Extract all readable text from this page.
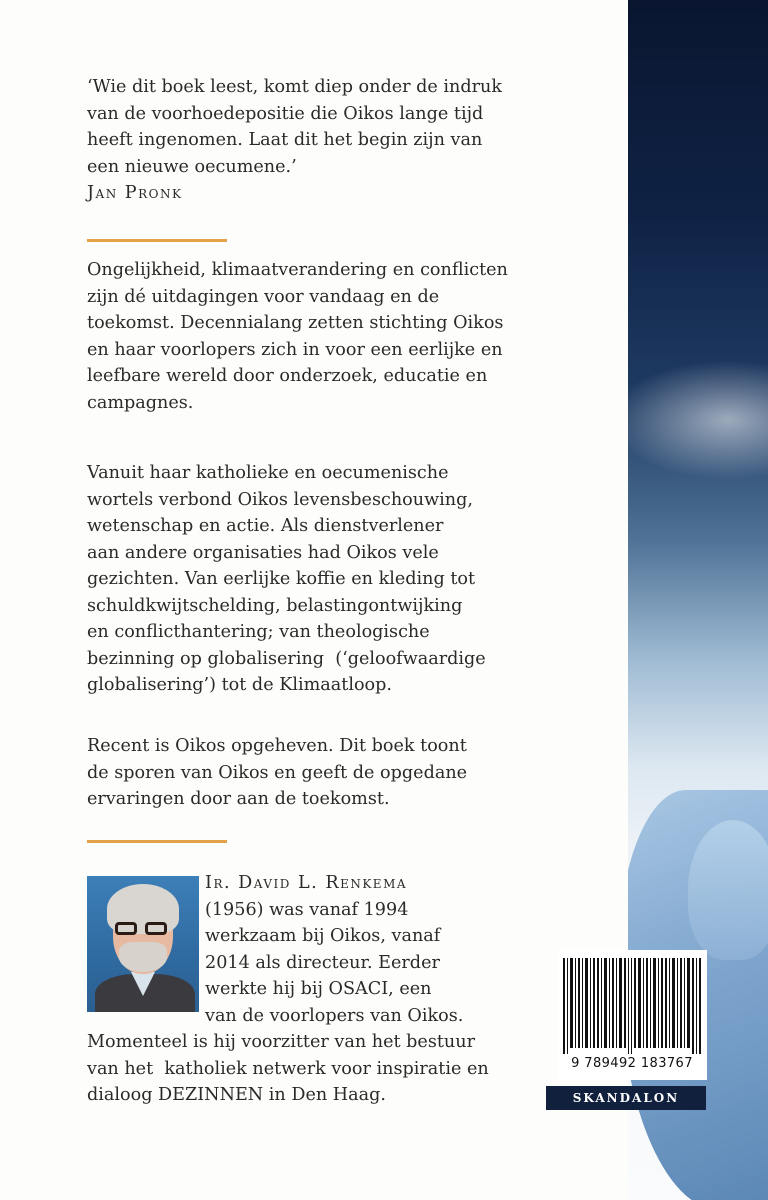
‘Wie dit boek leest, komt diep onder de indruk
van de voorhoedepositie die Oikos lange tijd
heeft ingenomen. Laat dit het begin zijn van
een nieuwe oecumene.’
Jan Pronk
Ongelijkheid, klimaatverandering en conflicten
zijn dé uitdagingen voor vandaag en de
toekomst. Decennialang zetten stichting Oikos
en haar voorlopers zich in voor een eerlijke en
leefbare wereld door onderzoek, educatie en
campagnes.
Vanuit haar katholieke en oecumenische
wortels verbond Oikos levensbeschouwing,
wetenschap en actie. Als dienstverlener
aan andere organisaties had Oikos vele
gezichten. Van eerlijke koffie en kleding tot
schuldkwijtschelding, belastingontwijking
en conflicthantering; van theologische
bezinning op globalisering  (‘geloofwaardige
globalisering’) tot de Klimaatloop.
Recent is Oikos opgeheven. Dit boek toont
de sporen van Oikos en geeft de opgedane
ervaringen door aan de toekomst.
Ir. David L. Renkema
(1956) was vanaf 1994
werkzaam bij Oikos, vanaf
2014 als directeur. Eerder
werkte hij bij OSACI, een
van de voorlopers van Oikos.
Momenteel is hij voorzitter van het bestuur
van het  katholiek netwerk voor inspiratie en
dialoog DEZINNEN in Den Haag.
9 789492 183767
SKANDALON
